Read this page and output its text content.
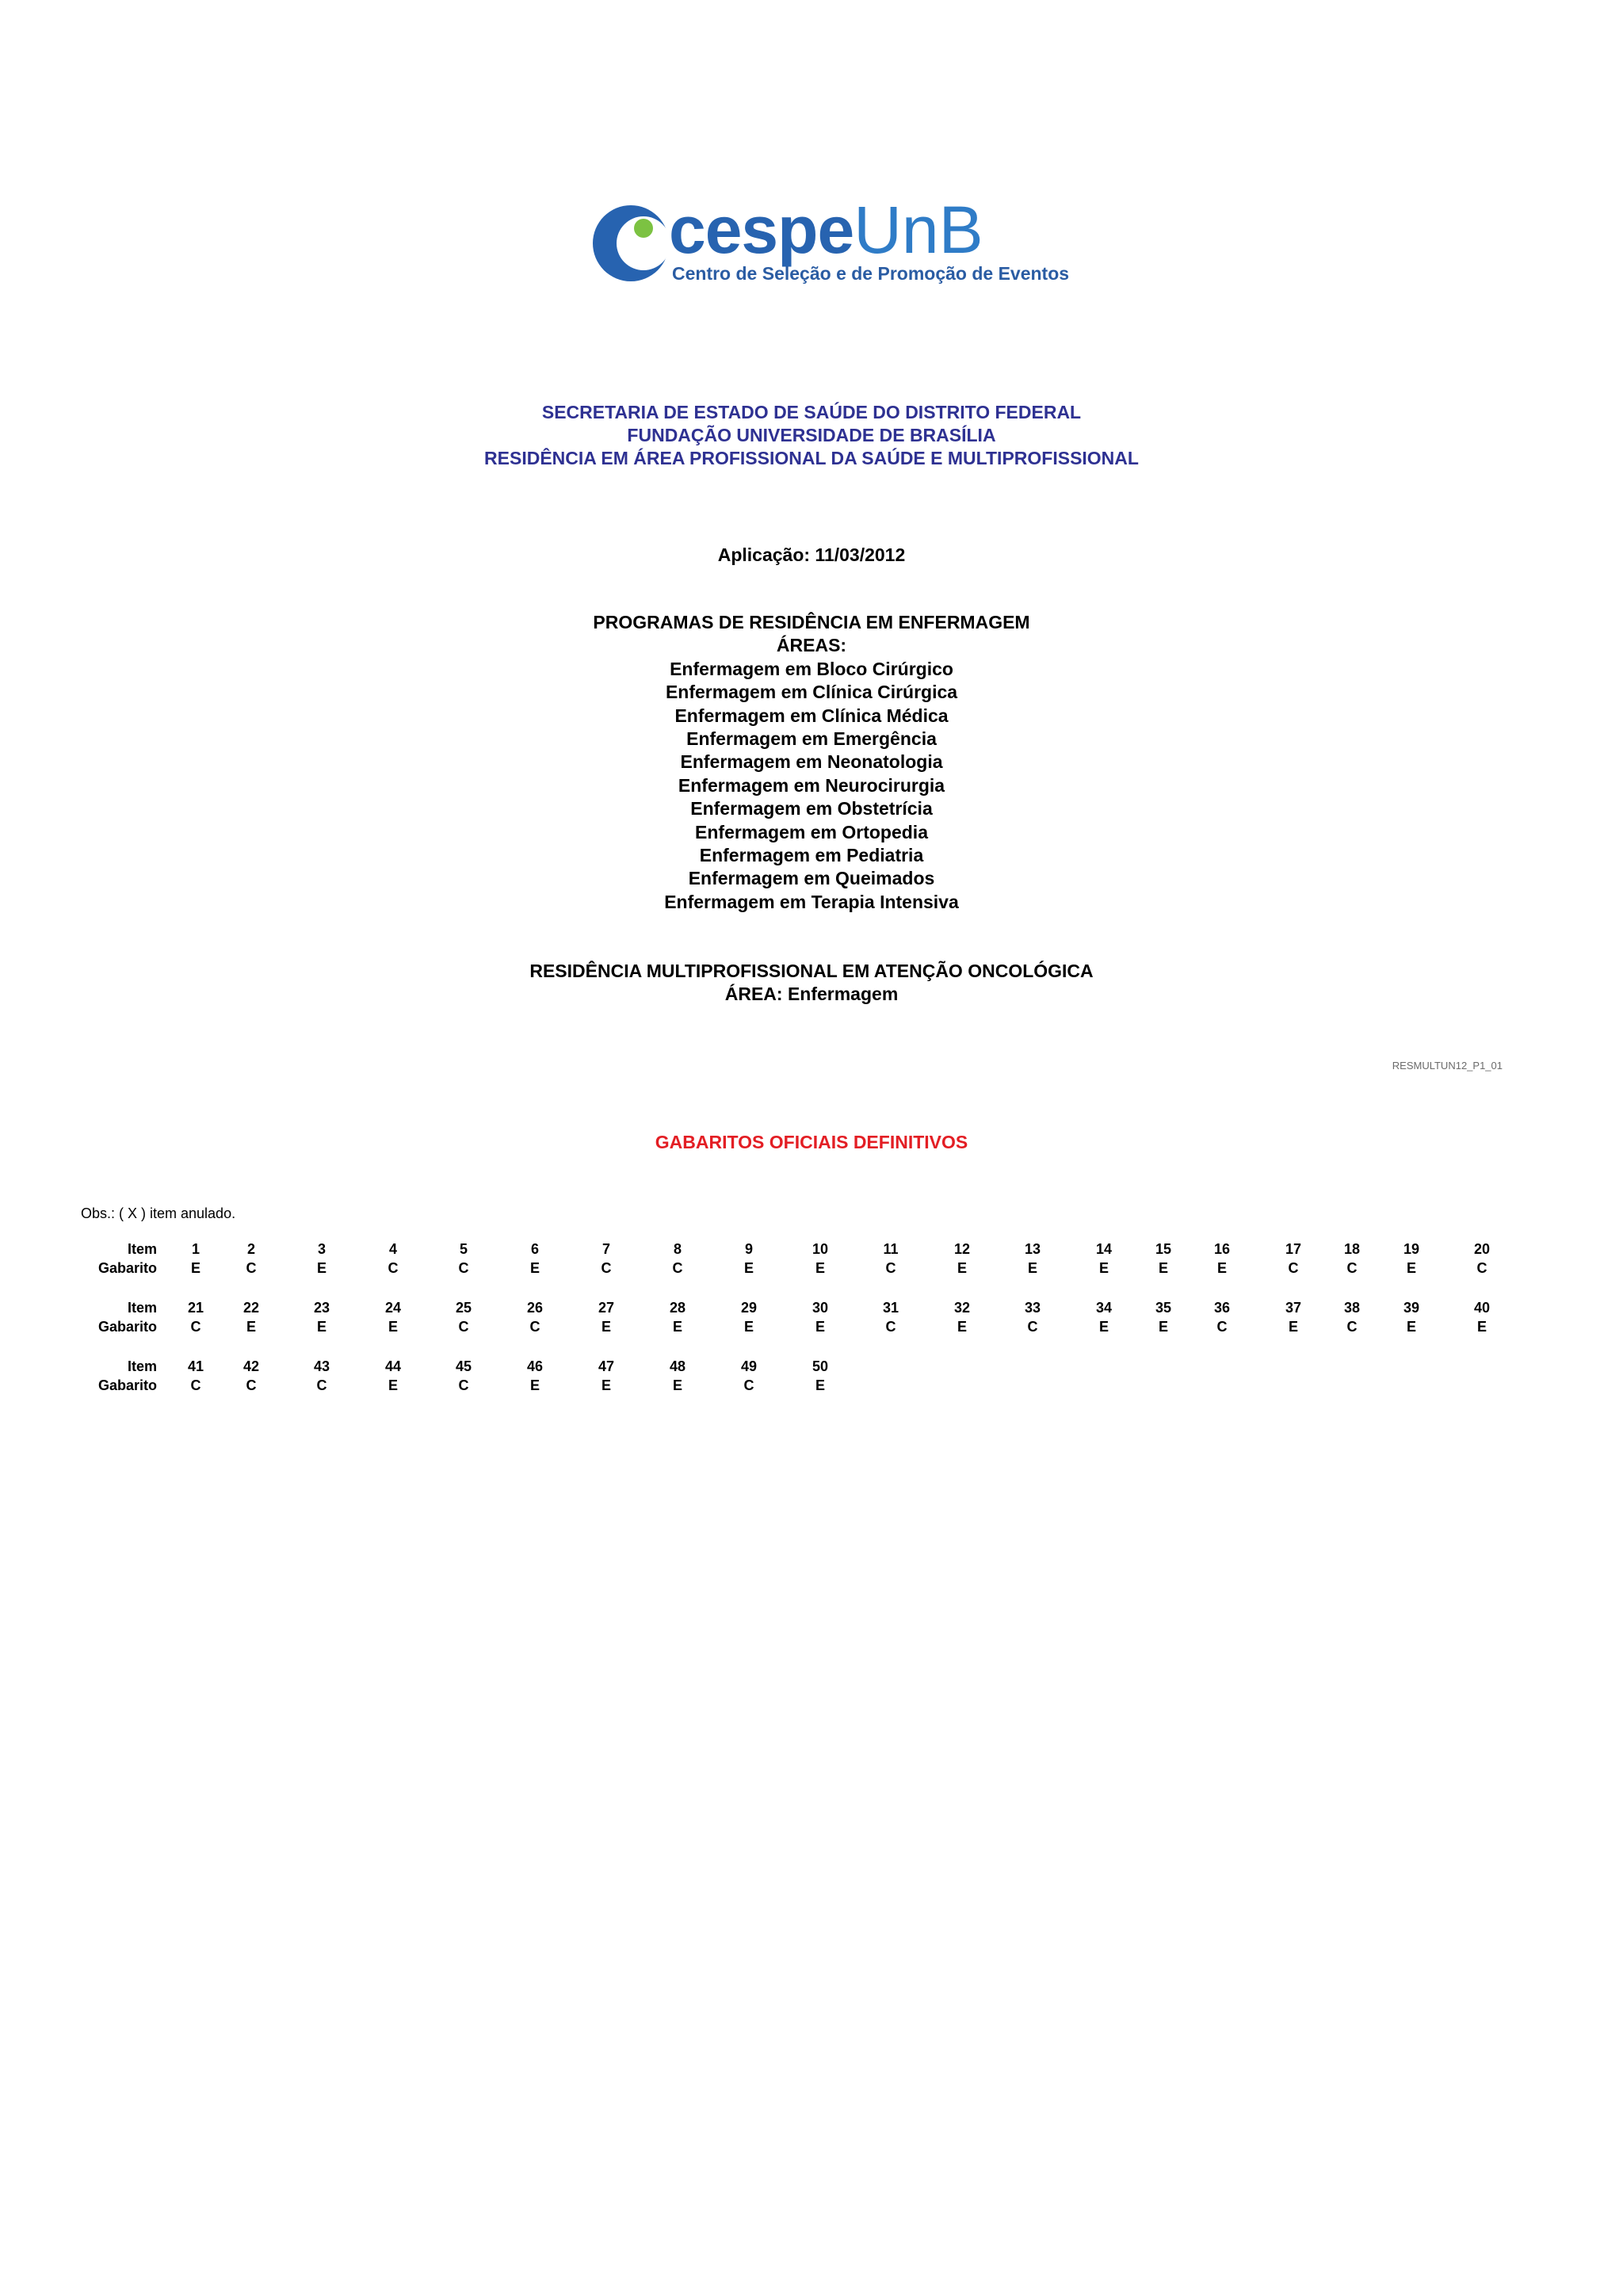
cespeUnB
Centro de Seleção e de Promoção de Eventos
SECRETARIA DE ESTADO DE SAÚDE DO DISTRITO FEDERAL
FUNDAÇÃO UNIVERSIDADE DE BRASÍLIA
RESIDÊNCIA EM ÁREA PROFISSIONAL DA SAÚDE E MULTIPROFISSIONAL
Aplicação: 11/03/2012
PROGRAMAS DE RESIDÊNCIA EM ENFERMAGEM
ÁREAS:
Enfermagem em Bloco Cirúrgico
Enfermagem em Clínica Cirúrgica
Enfermagem em Clínica Médica
Enfermagem em Emergência
Enfermagem em Neonatologia
Enfermagem em Neurocirurgia
Enfermagem em Obstetrícia
Enfermagem em Ortopedia
Enfermagem em Pediatria
Enfermagem em Queimados
Enfermagem em Terapia Intensiva
RESIDÊNCIA MULTIPROFISSIONAL EM ATENÇÃO ONCOLÓGICA
ÁREA: Enfermagem
RESMULTUN12_P1_01
GABARITOS OFICIAIS DEFINITIVOS
Obs.: ( X ) item anulado.
Item
Gabarito
1
E
2
C
3
E
4
C
5
C
6
E
7
C
8
C
9
E
10
E
11
C
12
E
13
E
14
E
15
E
16
E
17
C
18
C
19
E
20
C
Item
Gabarito
21
C
22
E
23
E
24
E
25
C
26
C
27
E
28
E
29
E
30
E
31
C
32
E
33
C
34
E
35
E
36
C
37
E
38
C
39
E
40
E
Item
Gabarito
41
C
42
C
43
C
44
E
45
C
46
E
47
E
48
E
49
C
50
E
